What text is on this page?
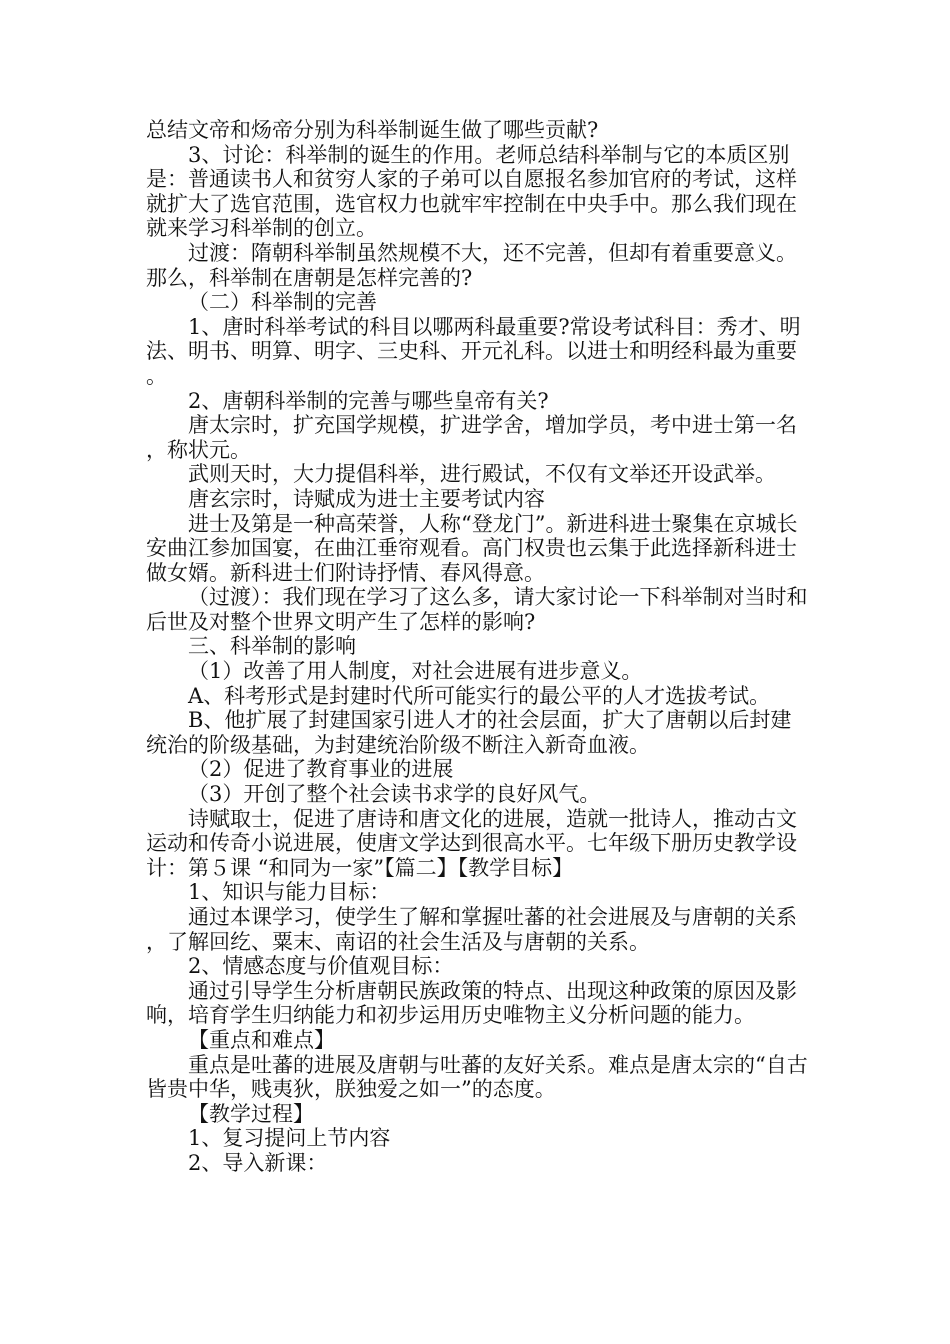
总结文帝和炀帝分别为科举制诞生做了哪些贡献?

3、讨论：科举制的诞生的作用。老师总结科举制与它的本质区别是：普通读书人和贫穷人家的子弟可以自愿报名参加官府的考试，这样就扩大了选官范围，选官权力也就牢牢控制在中央手中。那么我们现在就来学习科举制的创立。

过渡：隋朝科举制虽然规模不大，还不完善，但却有着重要意义。那么，科举制在唐朝是怎样完善的?

（二）科举制的完善

1、唐时科举考试的科目以哪两科最重要?常设考试科目：秀才、明法、明书、明算、明字、三史科、开元礼科。以进士和明经科最为重要。

2、唐朝科举制的完善与哪些皇帝有关?

唐太宗时，扩充国学规模，扩进学舍，增加学员，考中进士第一名，称状元。

武则天时，大力提倡科举，进行殿试，不仅有文举还开设武举。

唐玄宗时，诗赋成为进士主要考试内容

进士及第是一种高荣誉，人称“登龙门”。新进科进士聚集在京城长安曲江参加国宴，在曲江垂帘观看。高门权贵也云集于此选择新科进士做女婿。新科进士们附诗抒情、春风得意。

（过渡）：我们现在学习了这么多，请大家讨论一下科举制对当时和后世及对整个世界文明产生了怎样的影响?

三、科举制的影响

（1）改善了用人制度，对社会进展有进步意义。

A、科考形式是封建时代所可能实行的最公平的人才选拔考试。

B、他扩展了封建国家引进人才的社会层面，扩大了唐朝以后封建统治的阶级基础，为封建统治阶级不断注入新奇血液。

（2）促进了教育事业的进展

（3）开创了整个社会读书求学的良好风气。

诗赋取士，促进了唐诗和唐文化的进展，造就一批诗人，推动古文运动和传奇小说进展，使唐文学达到很高水平。七年级下册历史教学设计：第５课 “和同为一家”【篇二】【教学目标】

1、知识与能力目标：

通过本课学习，使学生了解和掌握吐蕃的社会进展及与唐朝的关系，了解回纥、粟末、南诏的社会生活及与唐朝的关系。

2、情感态度与价值观目标：

通过引导学生分析唐朝民族政策的特点、出现这种政策的原因及影响，培育学生归纳能力和初步运用历史唯物主义分析问题的能力。

【重点和难点】

重点是吐蕃的进展及唐朝与吐蕃的友好关系。难点是唐太宗的“自古皆贵中华，贱夷狄，朕独爱之如一”的态度。

【教学过程】

1、复习提问上节内容

2、导入新课：
